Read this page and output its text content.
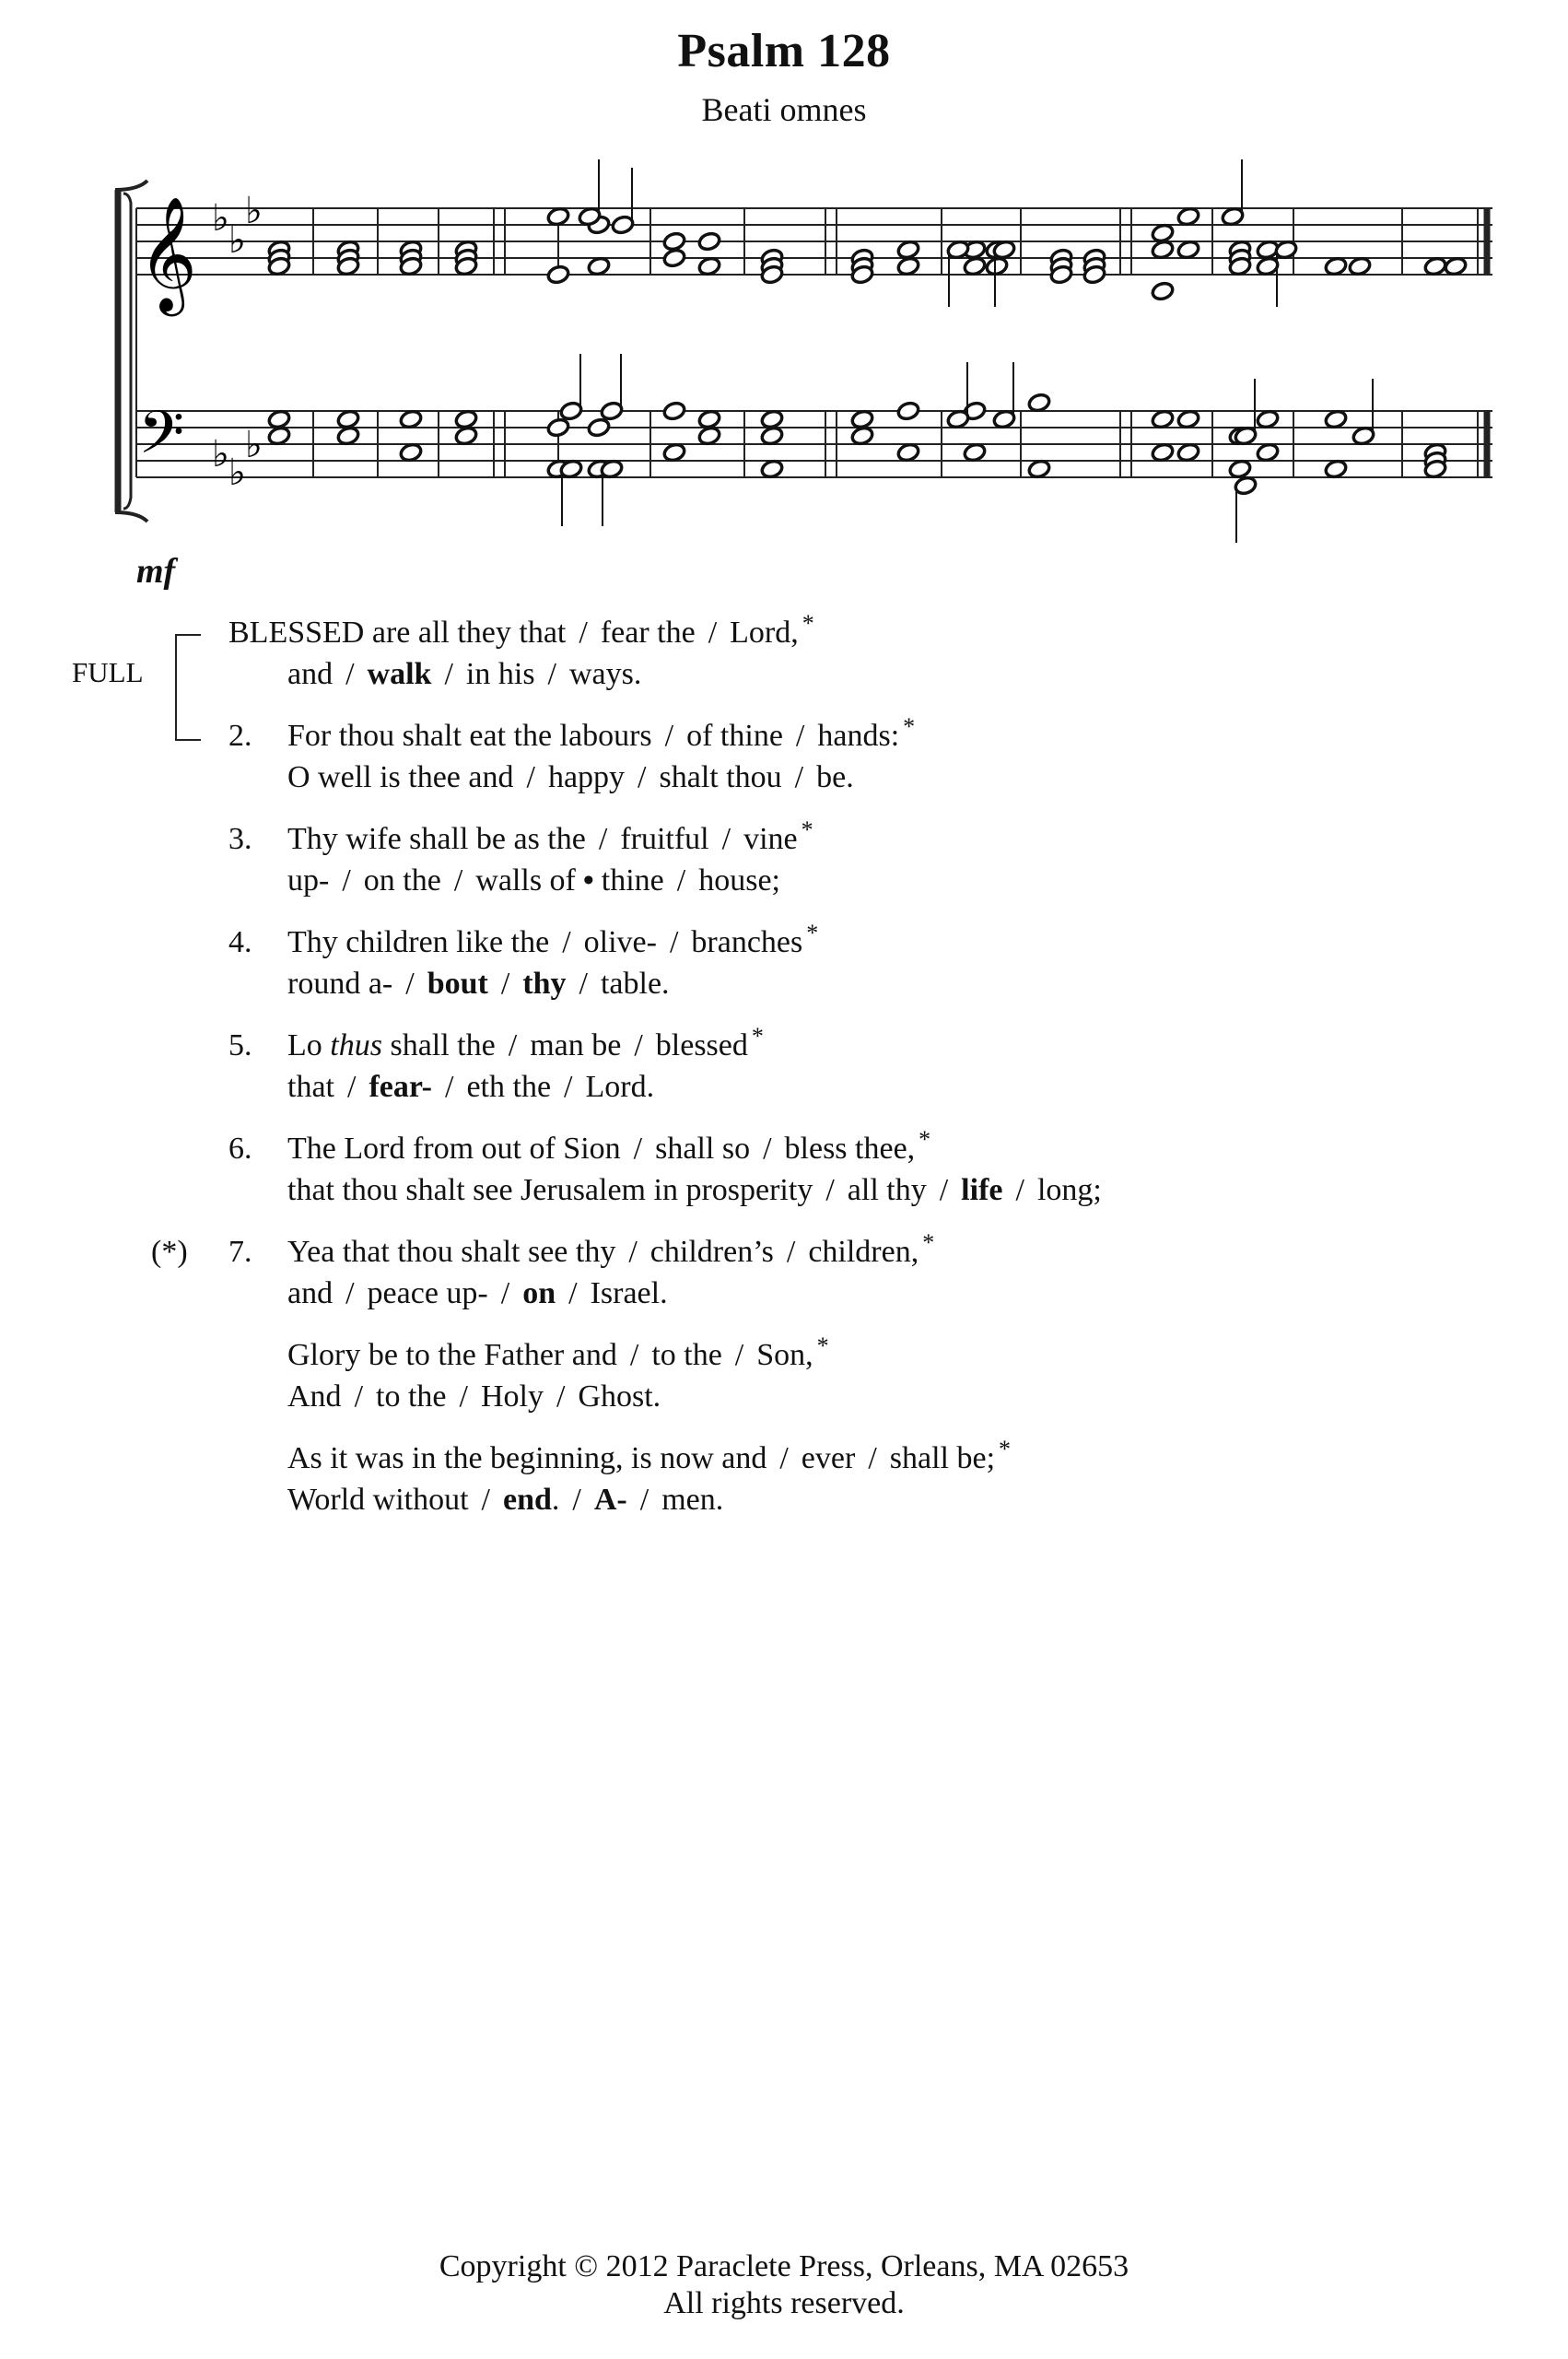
Psalm 128
Beati omnes
𝄞
𝄢
♭
♭
♭
♭ ♭
♭
mf
FULL
BLESSED are all they that / fear the / Lord, *
and / walk / in his / ways.
2. For thou shalt eat the labours / of thine / hands: *
O well is thee and / happy / shalt thou / be.
3. Thy wife shall be as the / fruitful / vine *
up- / on the / walls of • thine / house;
4. Thy children like the / olive- / branches *
round a- / bout / thy / table.
5. Lo thus shall the / man be / blessed *
that / fear- / eth the / Lord.
6. The Lord from out of Sion / shall so / bless thee, *
that thou shalt see Jerusalem in prosperity / all thy / life / long;
(*) 7. Yea that thou shalt see thy / children’s / children, *
and / peace up- / on / Israel.
Glory be to the Father and / to the / Son, *
And / to the / Holy / Ghost.
As it was in the beginning, is now and / ever / shall be; *
World without / end. / A- / men.
Copyright © 2012 Paraclete Press, Orleans, MA 02653
All rights reserved.
